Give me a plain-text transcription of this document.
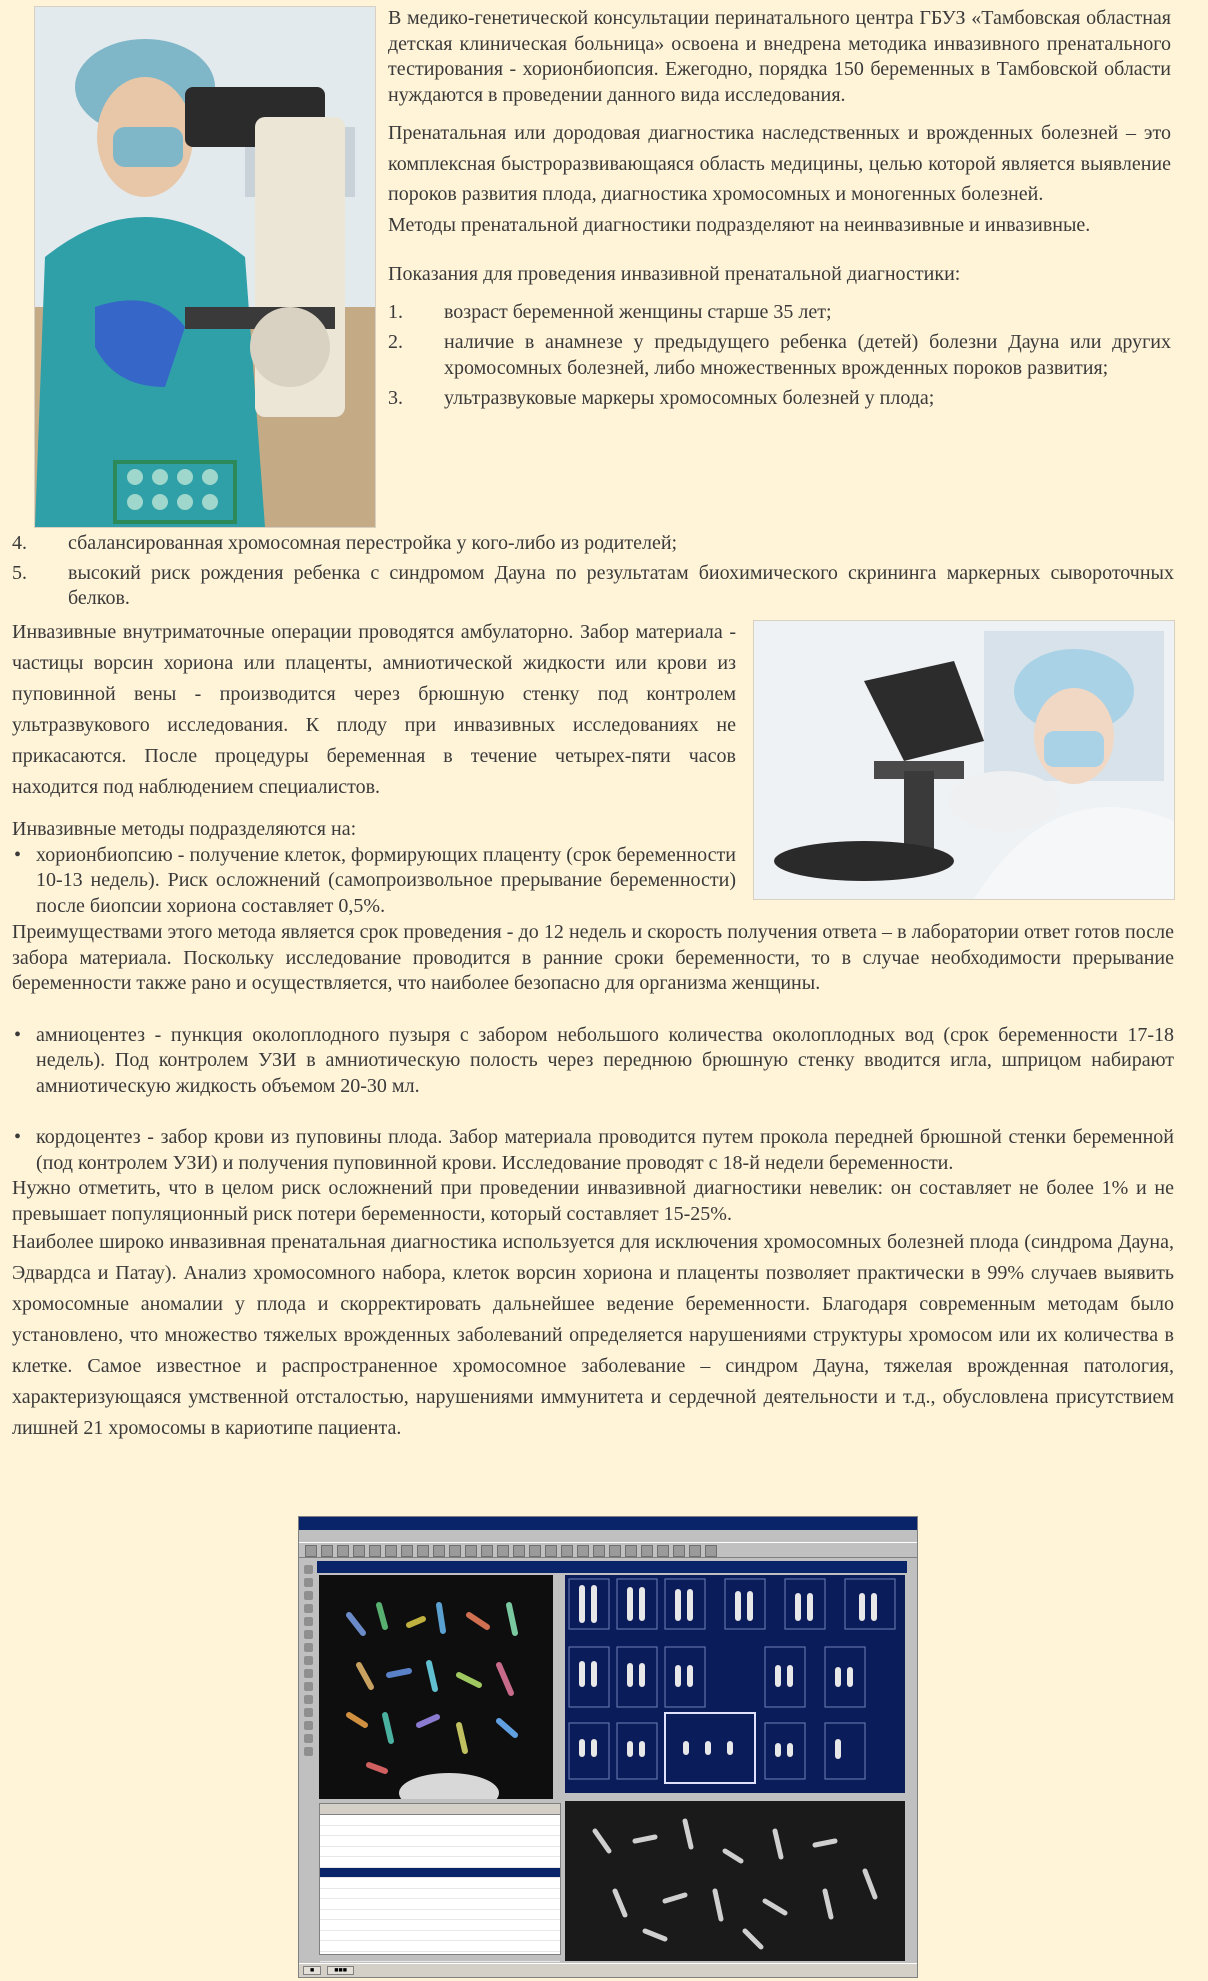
В медико-генетической консультации перинатального центра ГБУЗ «Тамбовская областная детская клиническая больница» освоена и внедрена методика инвазивного пренатального тестирования - хорионбиопсия. Ежегодно, порядка 150 беременных в Тамбовской области нуждаются в проведении данного вида исследования.

Пренатальная или дородовая диагностика наследственных и врожденных болезней – это комплексная быстроразвивающаяся область медицины, целью которой является выявление пороков развития плода, диагностика хромосомных и моногенных болезней.

Методы пренатальной диагностики подразделяют на неинвазивные и инвазивные.

Показания для проведения инвазивной пренатальной диагностики:

1.	возраст беременной женщины старше 35 лет;
2.	наличие в анамнезе у предыдущего ребенка (детей) болезни Дауна или других хромосомных болезней, либо множественных врожденных пороков развития;
3.	ультразвуковые маркеры хромосомных болезней у плода;
4.	сбалансированная хромосомная перестройка у кого-либо из родителей;
5.	высокий риск рождения ребенка с синдромом Дауна по результатам биохимического скрининга маркерных сывороточных белков.

Инвазивные внутриматочные операции проводятся амбулаторно. Забор материала - частицы ворсин хориона или плаценты, амниотической жидкости или крови из пуповинной вены - производится через брюшную стенку под контролем ультразвукового исследования. К плоду при инвазивных исследованиях не прикасаются. После процедуры беременная в течение четырех-пяти часов находится под наблюдением специалистов.

Инвазивные методы подразделяются на:

• хорионбиопсию - получение клеток, формирующих плаценту (срок беременности 10-13 недель). Риск осложнений (самопроизвольное прерывание беременности) после биопсии хориона составляет 0,5%.

Преимуществами этого метода является срок проведения - до 12 недель и скорость получения ответа – в лаборатории ответ готов после забора материала. Поскольку исследование проводится в ранние сроки беременности, то в случае необходимости прерывание беременности также рано и осуществляется, что наиболее безопасно для организма женщины.

• амниоцентез - пункция околоплодного пузыря с забором небольшого количества околоплодных вод (срок беременности 17-18 недель). Под контролем УЗИ в амниотическую полость через переднюю брюшную стенку вводится игла, шприцом набирают амниотическую жидкость объемом 20-30 мл.
• кордоцентез - забор крови из пуповины плода. Забор материала проводится путем прокола передней брюшной стенки беременной (под контролем УЗИ) и получения пуповинной крови. Исследование проводят с 18-й недели беременности.

Нужно отметить, что в целом риск осложнений при проведении инвазивной диагностики невелик: он составляет не более 1% и не превышает популяционный риск потери беременности, который составляет 15-25%.

Наиболее широко инвазивная пренатальная диагностика используется для исключения хромосомных болезней плода (синдрома Дауна, Эдвардса и Патау). Анализ хромосомного набора, клеток ворсин хориона и плаценты позволяет практически в 99% случаев выявить хромосомные аномалии у плода и скорректировать дальнейшее ведение беременности. Благодаря современным методам было установлено, что множество тяжелых врожденных заболеваний определяется нарушениями структуры хромосом или их количества в клетке. Самое известное и распространенное хромосомное заболевание – синдром Дауна, тяжелая врожденная патология, характеризующаяся умственной отсталостью, нарушениями иммунитета и сердечной деятельности и т.д., обусловлена присутствием лишней 21 хромосомы в кариотипе пациента.

■	■■■
